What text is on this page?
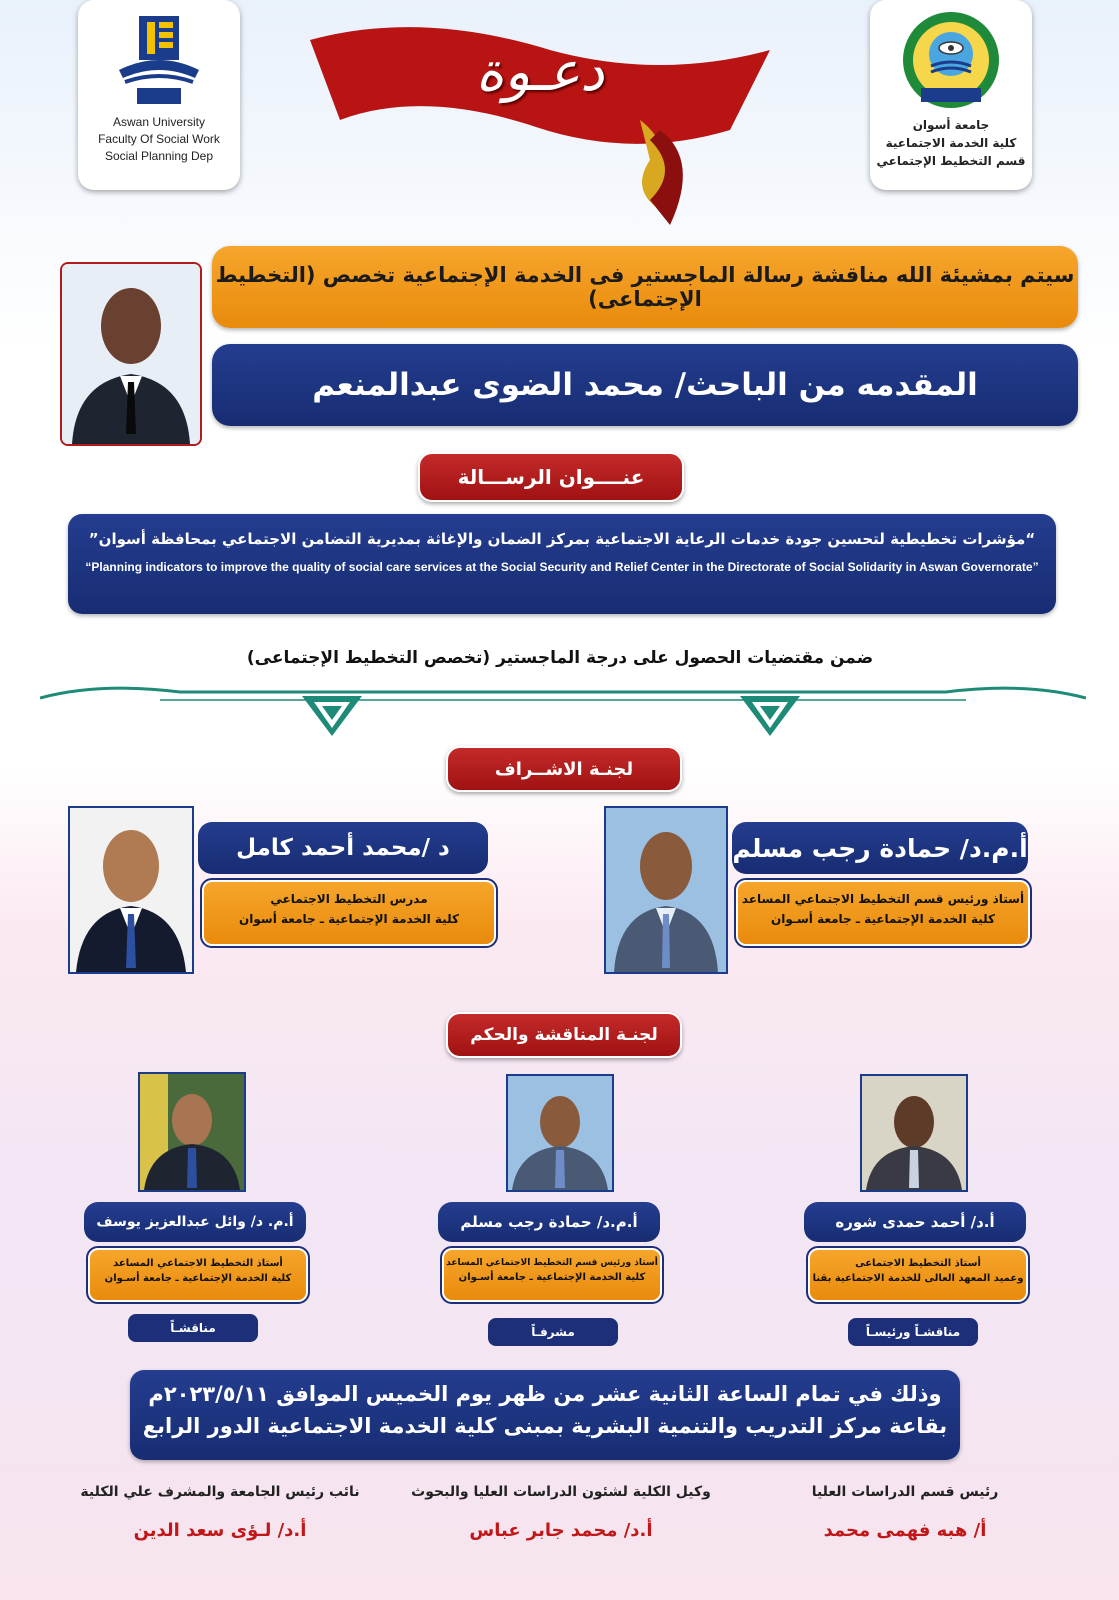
Aswan University
Faculty Of Social Work
Social Planning Dep
جامعة أسوان
كلية الخدمة الاجتماعية
قسم التخطيط الإجتماعي
دعـوة
سيتم بمشيئة الله مناقشة رسالة الماجستير فى الخدمة الإجتماعية تخصص (التخطيط الإجتماعى)
المقدمه من الباحث/ محمد الضوى عبدالمنعم
عنــــوان الرســـالة
“مؤشرات تخطيطية لتحسين جودة خدمات الرعاية الاجتماعية بمركز الضمان والإغاثة بمديرية التضامن الاجتماعي بمحافظة أسوان”
“Planning indicators to improve the quality of social care services at the Social Security and Relief Center in the Directorate of Social Solidarity in Aswan Governorate”
ضمن مقتضيات الحصول على درجة الماجستير (تخصص التخطيط الإجتماعى)
لجنـة الاشــراف
أ.م.د/ حمادة رجب مسلم
أستاذ ورئيس قسم التخطيط الاجتماعي المساعد
كلية الخدمة الإجتماعية ـ جامعة أسـوان
د /محمد أحمد كامل
مدرس التخطيط الاجتماعي
كلية الخدمة الإجتماعية ـ جامعة أسوان
لجنـة المناقشة والحكم
أ.د/ أحمد حمدى شوره
أستاذ التخطيط الاجتماعى
وعميد المعهد العالى للخدمة الاجتماعية بقنا
مناقشـاً ورئيسـاً
أ.م.د/ حمادة رجب مسلم
أستاذ ورئيس قسم التخطيط الاجتماعي المساعد
كلية الخدمة الإجتماعية ـ جامعة أسـوان
مشرفـاً
أ.م. د/ وائل عبدالعزيز يوسف
أستاذ التخطيط الاجتماعي المساعد
كلية الخدمة الإجتماعية ـ جامعة أسـوان
مناقشـاً
وذلك في تمام الساعة الثانية عشر من ظهر يوم الخميس الموافق ٢٠٢٣/٥/١١م
بقاعة مركز التدريب والتنمية البشرية بمبنى كلية الخدمة الاجتماعية الدور الرابع
رئيس قسم الدراسات العليا
أ/ هبه فهمى محمد
وكيل الكلية لشئون الدراسات العليا والبحوث
أ.د/ محمد جابر عباس
نائب رئيس الجامعة والمشرف علي الكلية
أ.د/ لـؤى سعد الدين
